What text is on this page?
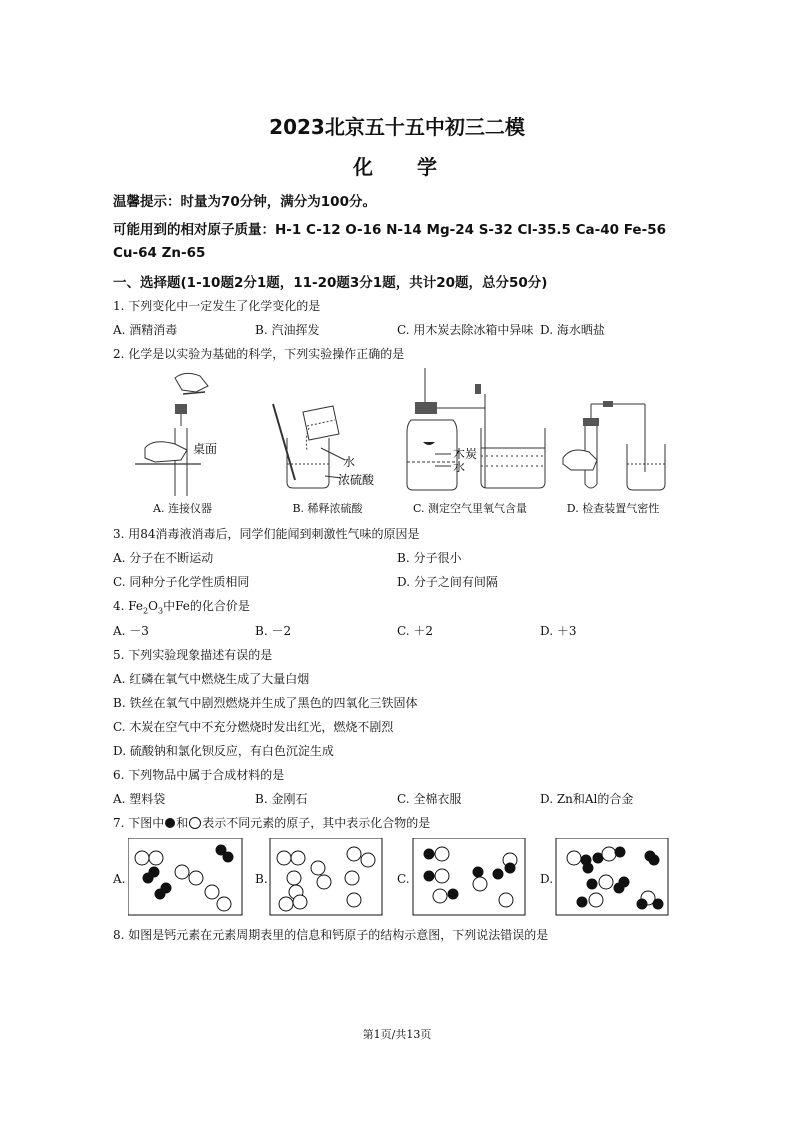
2023北京五十五中初三二模
化学
温馨提示：时量为70分钟，满分为100分。
可能用到的相对原子质量：H-1 C-12 O-16 N-14 Mg-24 S-32 Cl-35.5 Ca-40 Fe-56
Cu-64 Zn-65
一、选择题(1-10题2分1题，11-20题3分1题，共计20题，总分50分)
1. 下列变化中一定发生了化学变化的是
A. 酒精消毒	B. 汽油挥发	C. 用木炭去除冰箱中异味 D. 海水晒盐
2. 化学是以实验为基础的科学，下列实验操作正确的是
桌面
水
浓硫酸
木炭
水
A. 连接仪器	B. 稀释浓硫酸	C. 测定空气里氧气含量	D. 检查装置气密性
3. 用84消毒液消毒后，同学们能闻到刺激性气味的原因是
A. 分子在不断运动	B. 分子很小
C. 同种分子化学性质相同	D. 分子之间有间隔
4. $Fe_2O_3$中Fe的化合价是
A. －3	B. －2	C. ＋2	D. ＋3
5. 下列实验现象描述有误的是
A. 红磷在氧气中燃烧生成了大量白烟
B. 铁丝在氧气中剧烈燃烧并生成了黑色的四氧化三铁固体
C. 木炭在空气中不充分燃烧时发出红光，燃烧不剧烈
D. 硫酸钠和氯化钡反应，有白色沉淀生成
6. 下列物品中属于合成材料的是
A. 塑料袋	B. 金刚石	C. 全棉衣服	D. Zn和Al的合金
7. 下图中 和 表示不同元素的原子，其中表示化合物的是
A.	B.	C.	D.
8. 如图是钙元素在元素周期表里的信息和钙原子的结构示意图，下列说法错误的是
第1页/共13页
